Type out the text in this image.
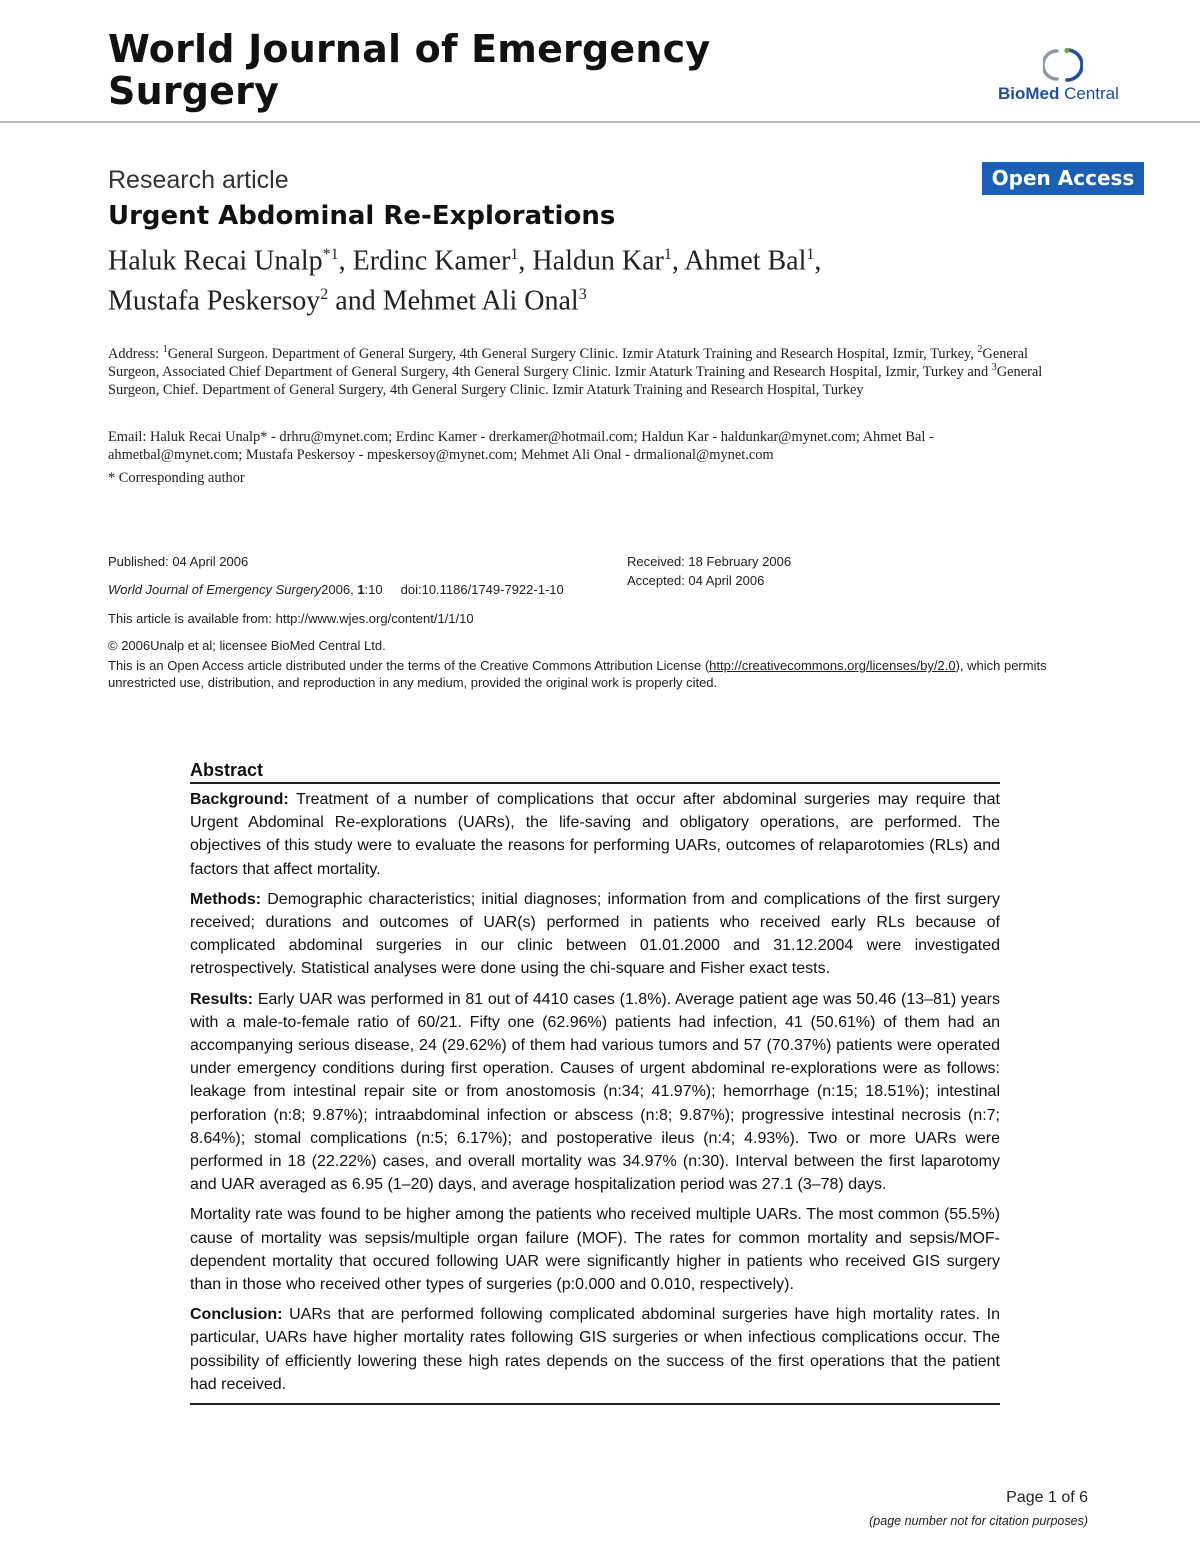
World Journal of Emergency Surgery	BioMed Central
Research article	Open Access
Urgent Abdominal Re-Explorations
Haluk Recai Unalp$^{*1}$, Erdinc Kamer$^1$, Haldun Kar$^1$, Ahmet Bal$^1$,
Mustafa Peskersoy$^2$ and Mehmet Ali Onal$^3$
Address: $^1$General Surgeon. Department of General Surgery, 4th General Surgery Clinic. Izmir Ataturk Training and Research Hospital, Izmir, Turkey, $^2$General Surgeon, Associated Chief Department of General Surgery, 4th General Surgery Clinic. Izmir Ataturk Training and Research Hospital, Izmir, Turkey and $^3$General Surgeon, Chief. Department of General Surgery, 4th General Surgery Clinic. Izmir Ataturk Training and Research Hospital, Turkey
Email: Haluk Recai Unalp* - drhru@mynet.com; Erdinc Kamer - drerkamer@hotmail.com; Haldun Kar - haldunkar@mynet.com; Ahmet Bal - ahmetbal@mynet.com; Mustafa Peskersoy - mpeskersoy@mynet.com; Mehmet Ali Onal - drmalional@mynet.com
* Corresponding author
Published: 04 April 2006
World Journal of Emergency Surgery2006, 1:10 doi:10.1186/1749-7922-1-10
Received: 18 February 2006
Accepted: 04 April 2006
This article is available from: http://www.wjes.org/content/1/1/10
© 2006Unalp et al; licensee BioMed Central Ltd.
This is an Open Access article distributed under the terms of the Creative Commons Attribution License (http://creativecommons.org/licenses/by/2.0), which permits unrestricted use, distribution, and reproduction in any medium, provided the original work is properly cited.
Abstract

Background: Treatment of a number of complications that occur after abdominal surgeries may require that Urgent Abdominal Re-explorations (UARs), the life-saving and obligatory operations, are performed. The objectives of this study were to evaluate the reasons for performing UARs, outcomes of relaparotomies (RLs) and factors that affect mortality.

Methods: Demographic characteristics; initial diagnoses; information from and complications of the first surgery received; durations and outcomes of UAR(s) performed in patients who received early RLs because of complicated abdominal surgeries in our clinic between 01.01.2000 and 31.12.2004 were investigated retrospectively. Statistical analyses were done using the chi-square and Fisher exact tests.

Results: Early UAR was performed in 81 out of 4410 cases (1.8%). Average patient age was 50.46 (13–81) years with a male-to-female ratio of 60/21. Fifty one (62.96%) patients had infection, 41 (50.61%) of them had an accompanying serious disease, 24 (29.62%) of them had various tumors and 57 (70.37%) patients were operated under emergency conditions during first operation. Causes of urgent abdominal re-explorations were as follows: leakage from intestinal repair site or from anostomosis (n:34; 41.97%); hemorrhage (n:15; 18.51%); intestinal perforation (n:8; 9.87%); intraabdominal infection or abscess (n:8; 9.87%); progressive intestinal necrosis (n:7; 8.64%); stomal complications (n:5; 6.17%); and postoperative ileus (n:4; 4.93%). Two or more UARs were performed in 18 (22.22%) cases, and overall mortality was 34.97% (n:30). Interval between the first laparotomy and UAR averaged as 6.95 (1–20) days, and average hospitalization period was 27.1 (3–78) days.

Mortality rate was found to be higher among the patients who received multiple UARs. The most common (55.5%) cause of mortality was sepsis/multiple organ failure (MOF). The rates for common mortality and sepsis/MOF-dependent mortality that occured following UAR were significantly higher in patients who received GIS surgery than in those who received other types of surgeries (p:0.000 and 0.010, respectively).

Conclusion: UARs that are performed following complicated abdominal surgeries have high mortality rates. In particular, UARs have higher mortality rates following GIS surgeries or when infectious complications occur. The possibility of efficiently lowering these high rates depends on the success of the first operations that the patient had received.

Page 1 of 6
(page number not for citation purposes)
